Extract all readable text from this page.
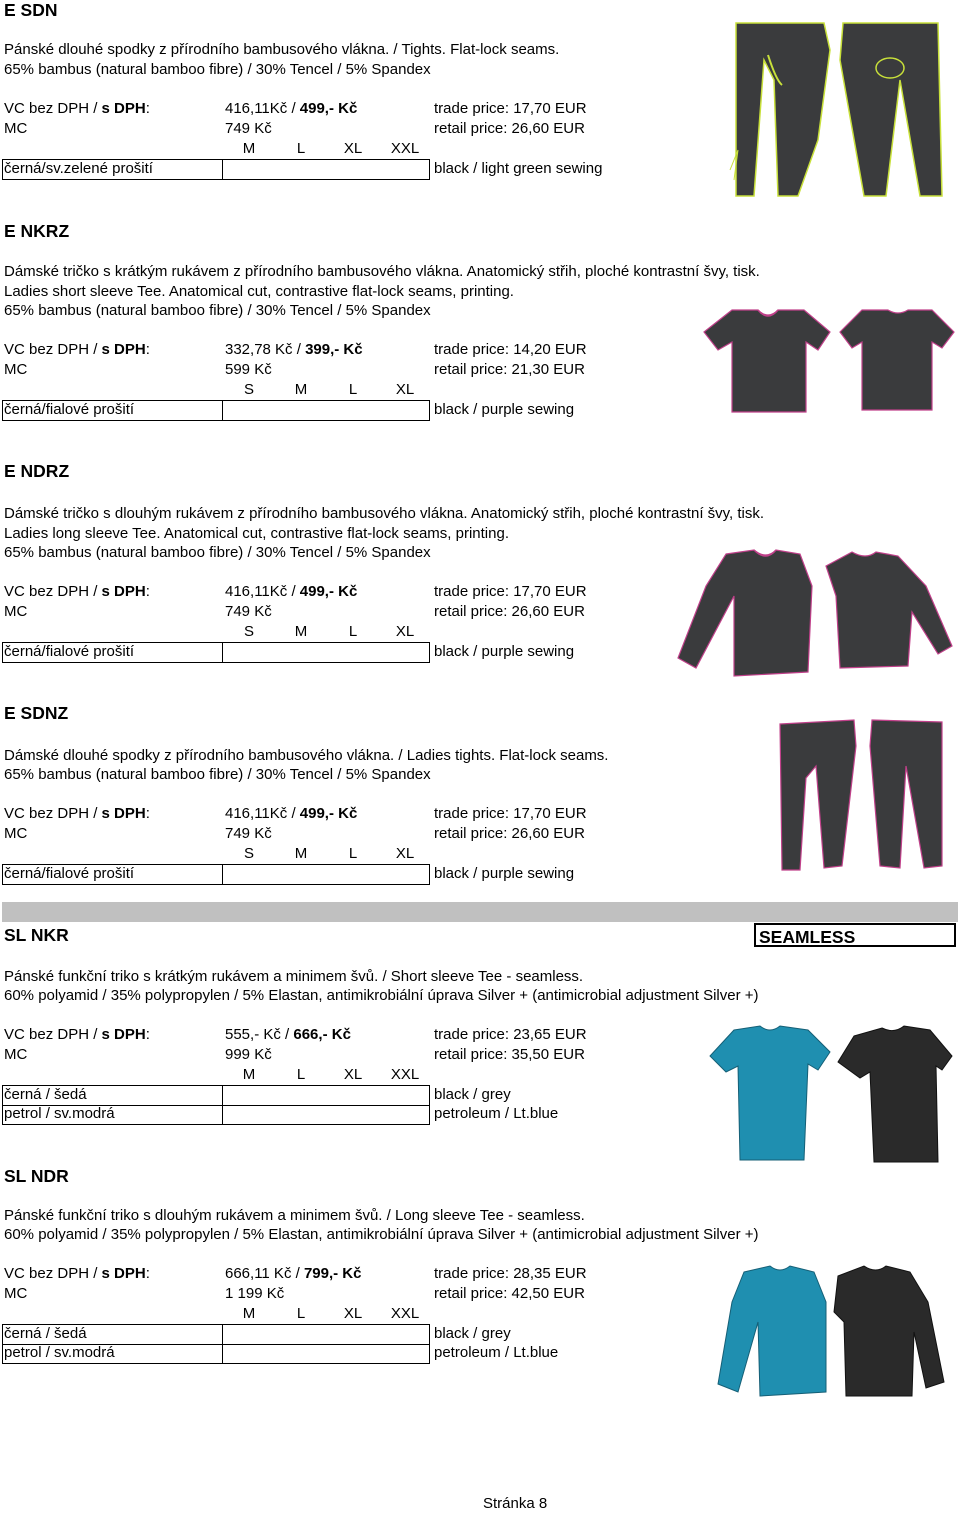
E SDN
Pánské dlouhé spodky z přírodního bambusového vlákna. / Tights. Flat-lock seams.
65% bambus (natural bamboo fibre) / 30% Tencel / 5% Spandex
VC bez DPH / s DPH:	416,11Kč / 499,- Kč	trade price: 17,70 EUR
MC	749 Kč	retail price: 26,60 EUR
M	L	XL	XXL
černá/sv.zelené prošití	black / light green sewing
E NKRZ
Dámské tričko s krátkým rukávem z přírodního bambusového vlákna. Anatomický střih, ploché kontrastní švy, tisk.
Ladies short sleeve Tee. Anatomical cut, contrastive flat-lock seams, printing.
65% bambus (natural bamboo fibre) / 30% Tencel / 5% Spandex
VC bez DPH / s DPH:	332,78 Kč / 399,- Kč	trade price: 14,20 EUR
MC	599 Kč	retail price: 21,30 EUR
S	M	L	XL
černá/fialové prošití	black / purple sewing
E NDRZ
Dámské tričko s dlouhým rukávem z přírodního bambusového vlákna. Anatomický střih, ploché kontrastní švy, tisk.
Ladies long sleeve Tee. Anatomical cut, contrastive flat-lock seams, printing.
65% bambus (natural bamboo fibre) / 30% Tencel / 5% Spandex
VC bez DPH / s DPH:	416,11Kč / 499,- Kč	trade price: 17,70 EUR
MC	749 Kč	retail price: 26,60 EUR
S	M	L	XL
černá/fialové prošití	black / purple sewing
E SDNZ
Dámské dlouhé spodky z přírodního bambusového vlákna. / Ladies tights. Flat-lock seams.
65% bambus (natural bamboo fibre) / 30% Tencel / 5% Spandex
VC bez DPH / s DPH:	416,11Kč / 499,- Kč	trade price: 17,70 EUR
MC	749 Kč	retail price: 26,60 EUR
S	M	L	XL
černá/fialové prošití	black / purple sewing
SEAMLESS
SL NKR
Pánské funkční triko s krátkým rukávem a minimem švů. / Short sleeve Tee - seamless.
60% polyamid / 35% polypropylen / 5% Elastan, antimikrobiální úprava Silver + (antimicrobial adjustment Silver +)
VC bez DPH / s DPH:	555,- Kč / 666,- Kč	trade price: 23,65 EUR
MC	999 Kč	retail price: 35,50 EUR
M	L	XL	XXL
černá / šedá	black / grey
petrol / sv.modrá	petroleum / Lt.blue
SL NDR
Pánské funkční triko s dlouhým rukávem a minimem švů. / Long sleeve Tee - seamless.
60% polyamid / 35% polypropylen / 5% Elastan, antimikrobiální úprava Silver + (antimicrobial adjustment Silver +)
VC bez DPH / s DPH:	666,11 Kč / 799,- Kč	trade price: 28,35 EUR
MC	1 199 Kč	retail price: 42,50 EUR
M	L	XL	XXL
černá / šedá	black / grey
petrol / sv.modrá	petroleum / Lt.blue
Stránka 8
